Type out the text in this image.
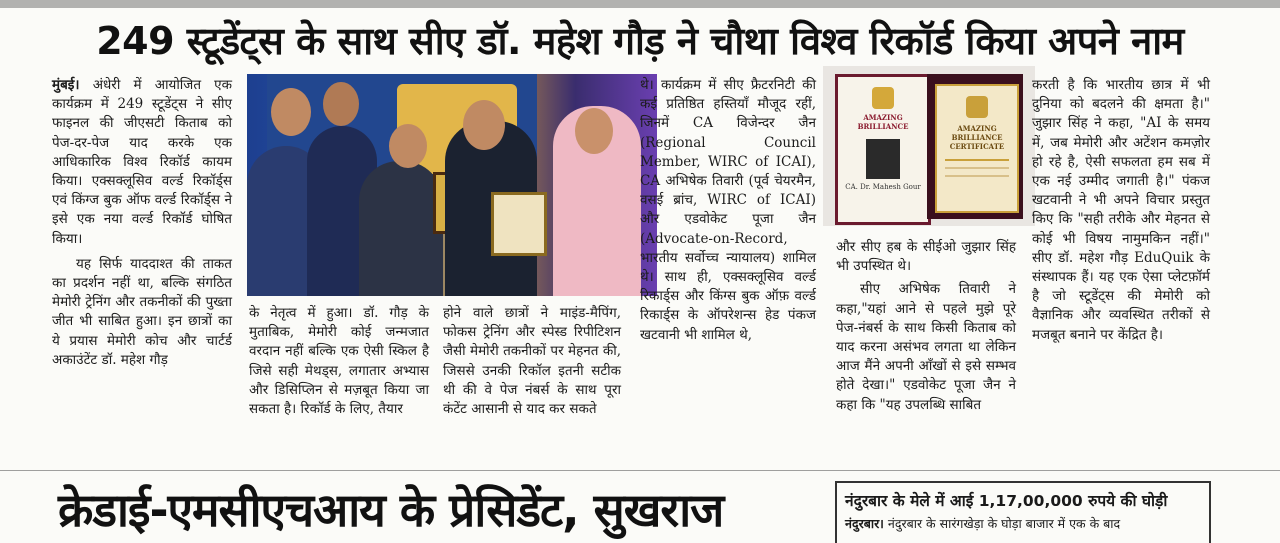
249 स्टूडेंट्स के साथ सीए डॉ. महेश गौड़ ने चौथा विश्व रिकॉर्ड किया अपने नाम

मुंबई। अंधेरी में आयोजित एक कार्यक्रम में 249 स्टूडेंट्स ने सीए फाइनल की जीएसटी किताब को पेज-दर-पेज याद करके एक आधिकारिक विश्व रिकॉर्ड कायम किया। एक्सक्लूसिव वर्ल्ड रिकॉर्ड्स एवं किंग्ज बुक ऑफ वर्ल्ड रिकॉर्ड्स ने इसे एक नया वर्ल्ड रिकॉर्ड घोषित किया।

यह सिर्फ याददाश्त की ताकत का प्रदर्शन नहीं था, बल्कि संगठित मेमोरी ट्रेनिंग और तकनीकों की पुख्ता जीत भी साबित हुआ। इन छात्रों का ये प्रयास मेमोरी कोच और चार्टर्ड अकाउंटेंट डॉ. महेश गौड़

के नेतृत्व में हुआ। डॉ. गौड़ के मुताबिक, मेमोरी कोई जन्मजात वरदान नहीं बल्कि एक ऐसी स्किल है जिसे सही मेथड्स, लगातार अभ्यास और डिसिप्लिन से मज़बूत किया जा सकता है। रिकॉर्ड के लिए, तैयार

होने वाले छात्रों ने माइंड-मैपिंग, फोकस ट्रेनिंग और स्पेस्ड रिपीटिशन जैसी मेमोरी तकनीकों पर मेहनत की, जिससे उनकी रिकॉल इतनी सटीक थी की वे पेज नंबर्स के साथ पूरा कंटेंट आसानी से याद कर सकते

थे। कार्यक्रम में सीए फ्रैटरनिटी की कई प्रतिष्ठित हस्तियाँ मौजूद रहीं, जिनमें CA विजेन्दर जैन (Regional Council Member, WIRC of ICAI), CA अभिषेक तिवारी (पूर्व चेयरमैन, वसई ब्रांच, WIRC of ICAI) और एडवोकेट पूजा जैन (Advocate-on-Record, भारतीय सर्वोच्च न्यायालय) शामिल थे। साथ ही, एक्सक्लूसिव वर्ल्ड रिकार्ड्स और किंग्स बुक ऑफ़ वर्ल्ड रिकार्ड्स के ऑपरेशन्स हेड पंकज खटवानी भी शामिल थे,

AMAZING BRILLIANCE
CA. Dr. Mahesh Gour
AMAZING BRILLIANCE CERTIFICATE

और सीए हब के सीईओ जुझार सिंह भी उपस्थित थे।

सीए अभिषेक तिवारी ने कहा,"यहां आने से पहले मुझे पूरे पेज-नंबर्स के साथ किसी किताब को याद करना असंभव लगता था लेकिन आज मैंने अपनी आँखों से इसे सम्भव होते देखा।" एडवोकेट पूजा जैन ने कहा कि "यह उपलब्धि साबित

करती है कि भारतीय छात्र में भी दुनिया को बदलने की क्षमता है।" जुझार सिंह ने कहा, "AI के समय में, जब मेमोरी और अटेंशन कमज़ोर हो रहे है, ऐसी सफलता हम सब में एक नई उम्मीद जगाती है।" पंकज खटवानी ने भी अपने विचार प्रस्तुत किए कि "सही तरीके और मेहनत से कोई भी विषय नामुमकिन नहीं।" सीए डॉ. महेश गौड़ EduQuik के संस्थापक हैं। यह एक ऐसा प्लेटफ़ॉर्म है जो स्टूडेंट्स की मेमोरी को वैज्ञानिक और व्यवस्थित तरीकों से मजबूत बनाने पर केंद्रित है।

क्रेडाई-एमसीएचआय के प्रेसिडेंट, सुखराज	नंदुरबार के मेले में आई 1,17,00,000 रुपये की घोड़ी
नंदुरबार। नंदुरबार के सारंगखेड़ा के घोड़ा बाजार में एक के बाद
